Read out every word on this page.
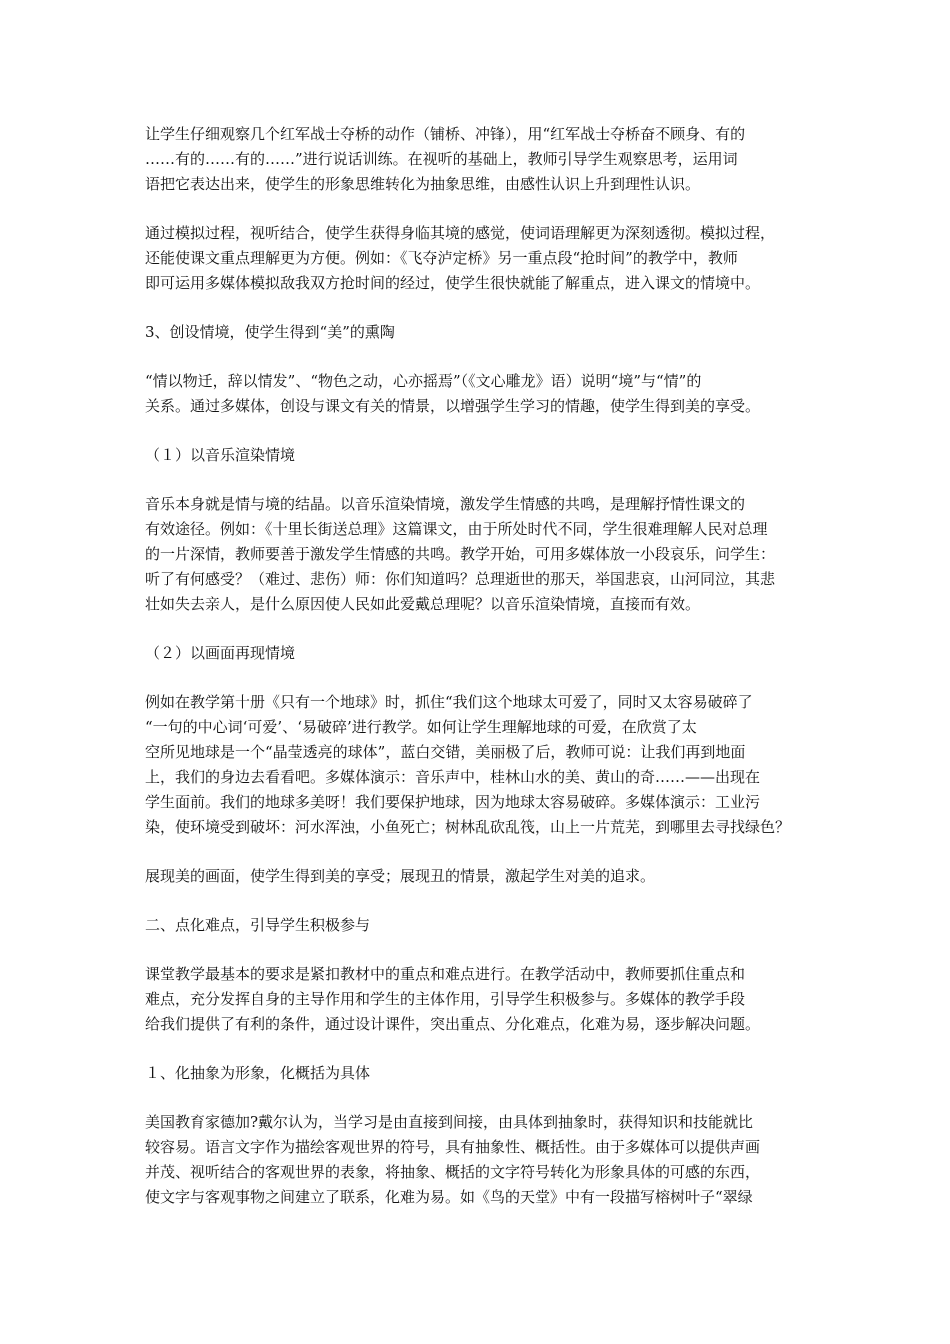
让学生仔细观察几个红军战士夺桥的动作（铺桥、冲锋），用“红军战士夺桥奋不顾身、有的
……有的……有的……”进行说话训练。在视听的基础上，教师引导学生观察思考，运用词
语把它表达出来，使学生的形象思维转化为抽象思维，由感性认识上升到理性认识。

通过模拟过程，视听结合，使学生获得身临其境的感觉，使词语理解更为深刻透彻。模拟过程，
还能使课文重点理解更为方便。例如：《飞夺泸定桥》另一重点段“抢时间”的教学中，教师
即可运用多媒体模拟敌我双方抢时间的经过，使学生很快就能了解重点，进入课文的情境中。

3、创设情境，使学生得到“美”的熏陶

“情以物迁，辞以情发”、“物色之动，心亦摇焉”（《文心雕龙》语）说明“境”与“情”的
关系。通过多媒体，创设与课文有关的情景，以增强学生学习的情趣，使学生得到美的享受。

（１）以音乐渲染情境

音乐本身就是情与境的结晶。以音乐渲染情境，激发学生情感的共鸣，是理解抒情性课文的
有效途径。例如：《十里长街送总理》这篇课文，由于所处时代不同，学生很难理解人民对总理
的一片深情，教师要善于激发学生情感的共鸣。教学开始，可用多媒体放一小段哀乐，问学生：
听了有何感受？（难过、悲伤）师：你们知道吗？总理逝世的那天，举国悲哀，山河同泣，其悲
壮如失去亲人，是什么原因使人民如此爱戴总理呢？以音乐渲染情境，直接而有效。

（２）以画面再现情境

例如在教学第十册《只有一个地球》时，抓住“我们这个地球太可爱了，同时又太容易破碎了
“一句的中心词‘可爱’、‘易破碎’进行教学。如何让学生理解地球的可爱，在欣赏了太
空所见地球是一个“晶莹透亮的球体”，蓝白交错，美丽极了后，教师可说：让我们再到地面
上，我们的身边去看看吧。多媒体演示：音乐声中，桂林山水的美、黄山的奇……——出现在
学生面前。我们的地球多美呀！我们要保护地球，因为地球太容易破碎。多媒体演示：工业污
染，使环境受到破坏：河水浑浊，小鱼死亡；树林乱砍乱筏，山上一片荒芜，到哪里去寻找绿色？

展现美的画面，使学生得到美的享受；展现丑的情景，激起学生对美的追求。

二、点化难点，引导学生积极参与

课堂教学最基本的要求是紧扣教材中的重点和难点进行。在教学活动中，教师要抓住重点和
难点，充分发挥自身的主导作用和学生的主体作用，引导学生积极参与。多媒体的教学手段
给我们提供了有利的条件，通过设计课件，突出重点、分化难点，化难为易，逐步解决问题。

１、化抽象为形象，化概括为具体

美国教育家德加?戴尔认为，当学习是由直接到间接，由具体到抽象时，获得知识和技能就比
较容易。语言文字作为描绘客观世界的符号，具有抽象性、概括性。由于多媒体可以提供声画
并茂、视听结合的客观世界的表象，将抽象、概括的文字符号转化为形象具体的可感的东西，
使文字与客观事物之间建立了联系，化难为易。如《鸟的天堂》中有一段描写榕树叶子“翠绿
